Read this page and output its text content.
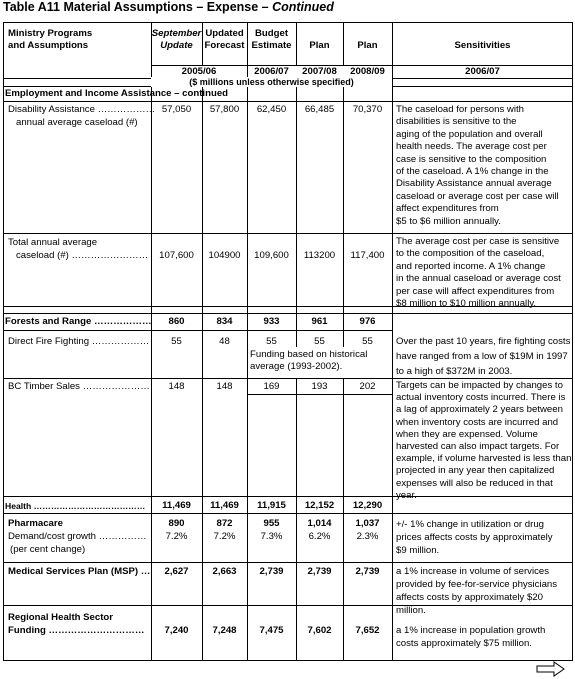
Table A11 Material Assumptions – Expense – Continued
Ministry Programs
and Assumptions
September
Update
Updated
Forecast
Budget
Estimate	Plan	Plan	Sensitivities
2005/06	2006/07	2007/08	2008/09	2006/07
($ millions unless otherwise specified)
Employment and Income Assistance – continued
Disability Assistance ………………
annual average caseload (#)
57,050	57,800	62,450	66,485	70,370	The caseload for persons with
disabilities is sensitive to the
aging of the population and overall
health needs. The average cost per
case is sensitive to the composition
of the caseload. A 1% change in the
Disability Assistance annual average
caseload or average cost per case will
affect expenditures from
$5 to $6 million annually.
Total annual average
caseload (#) ……………………	107,600	104900	109,600	113200	117,400
The average cost per case is sensitive
to the composition of the caseload,
and reported income. A 1% change
in the annual caseload or average cost
per case will affect expenditures from
$8 million to $10 million annually.
Forests and Range ………………	860	834	933	961	976
Direct Fire Fighting ………………	55	48	55	55	55
Funding based on historical
average (1993-2002).
Over the past 10 years, fire fighting costs
have ranged from a low of $19M in 1997
to a high of $372M in 2003.
BC Timber Sales …………………	148	148	169	193	202	Targets can be impacted by changes to
actual inventory costs incurred. There is
a lag of approximately 2 years between
when inventory costs are incurred and
when they are expensed. Volume
harvested can also impact targets. For
example, if volume harvested is less than
projected in any year then capitalized
expenses will also be reduced in that year.
Health …………………………………	11,469	11,469	11,915	12,152	12,290
Pharmacare
Demand/cost growth ……………
(per cent change)
890	872	955	1,014	1,037
7.2%	7.2%	7.3%	6.2%	2.3%
+/- 1% change in utilization or drug
prices affects costs by approximately
$9 million.
Medical Services Plan (MSP) …	2,627	2,663	2,739	2,739	2,739	a 1% increase in volume of services
provided by fee-for-service physicians
affects costs by approximately $20 million.
Regional Health Sector
Funding …………………………	7,240	7,248	7,475	7,602	7,652	a 1% increase in population growth
costs approximately $75 million.
